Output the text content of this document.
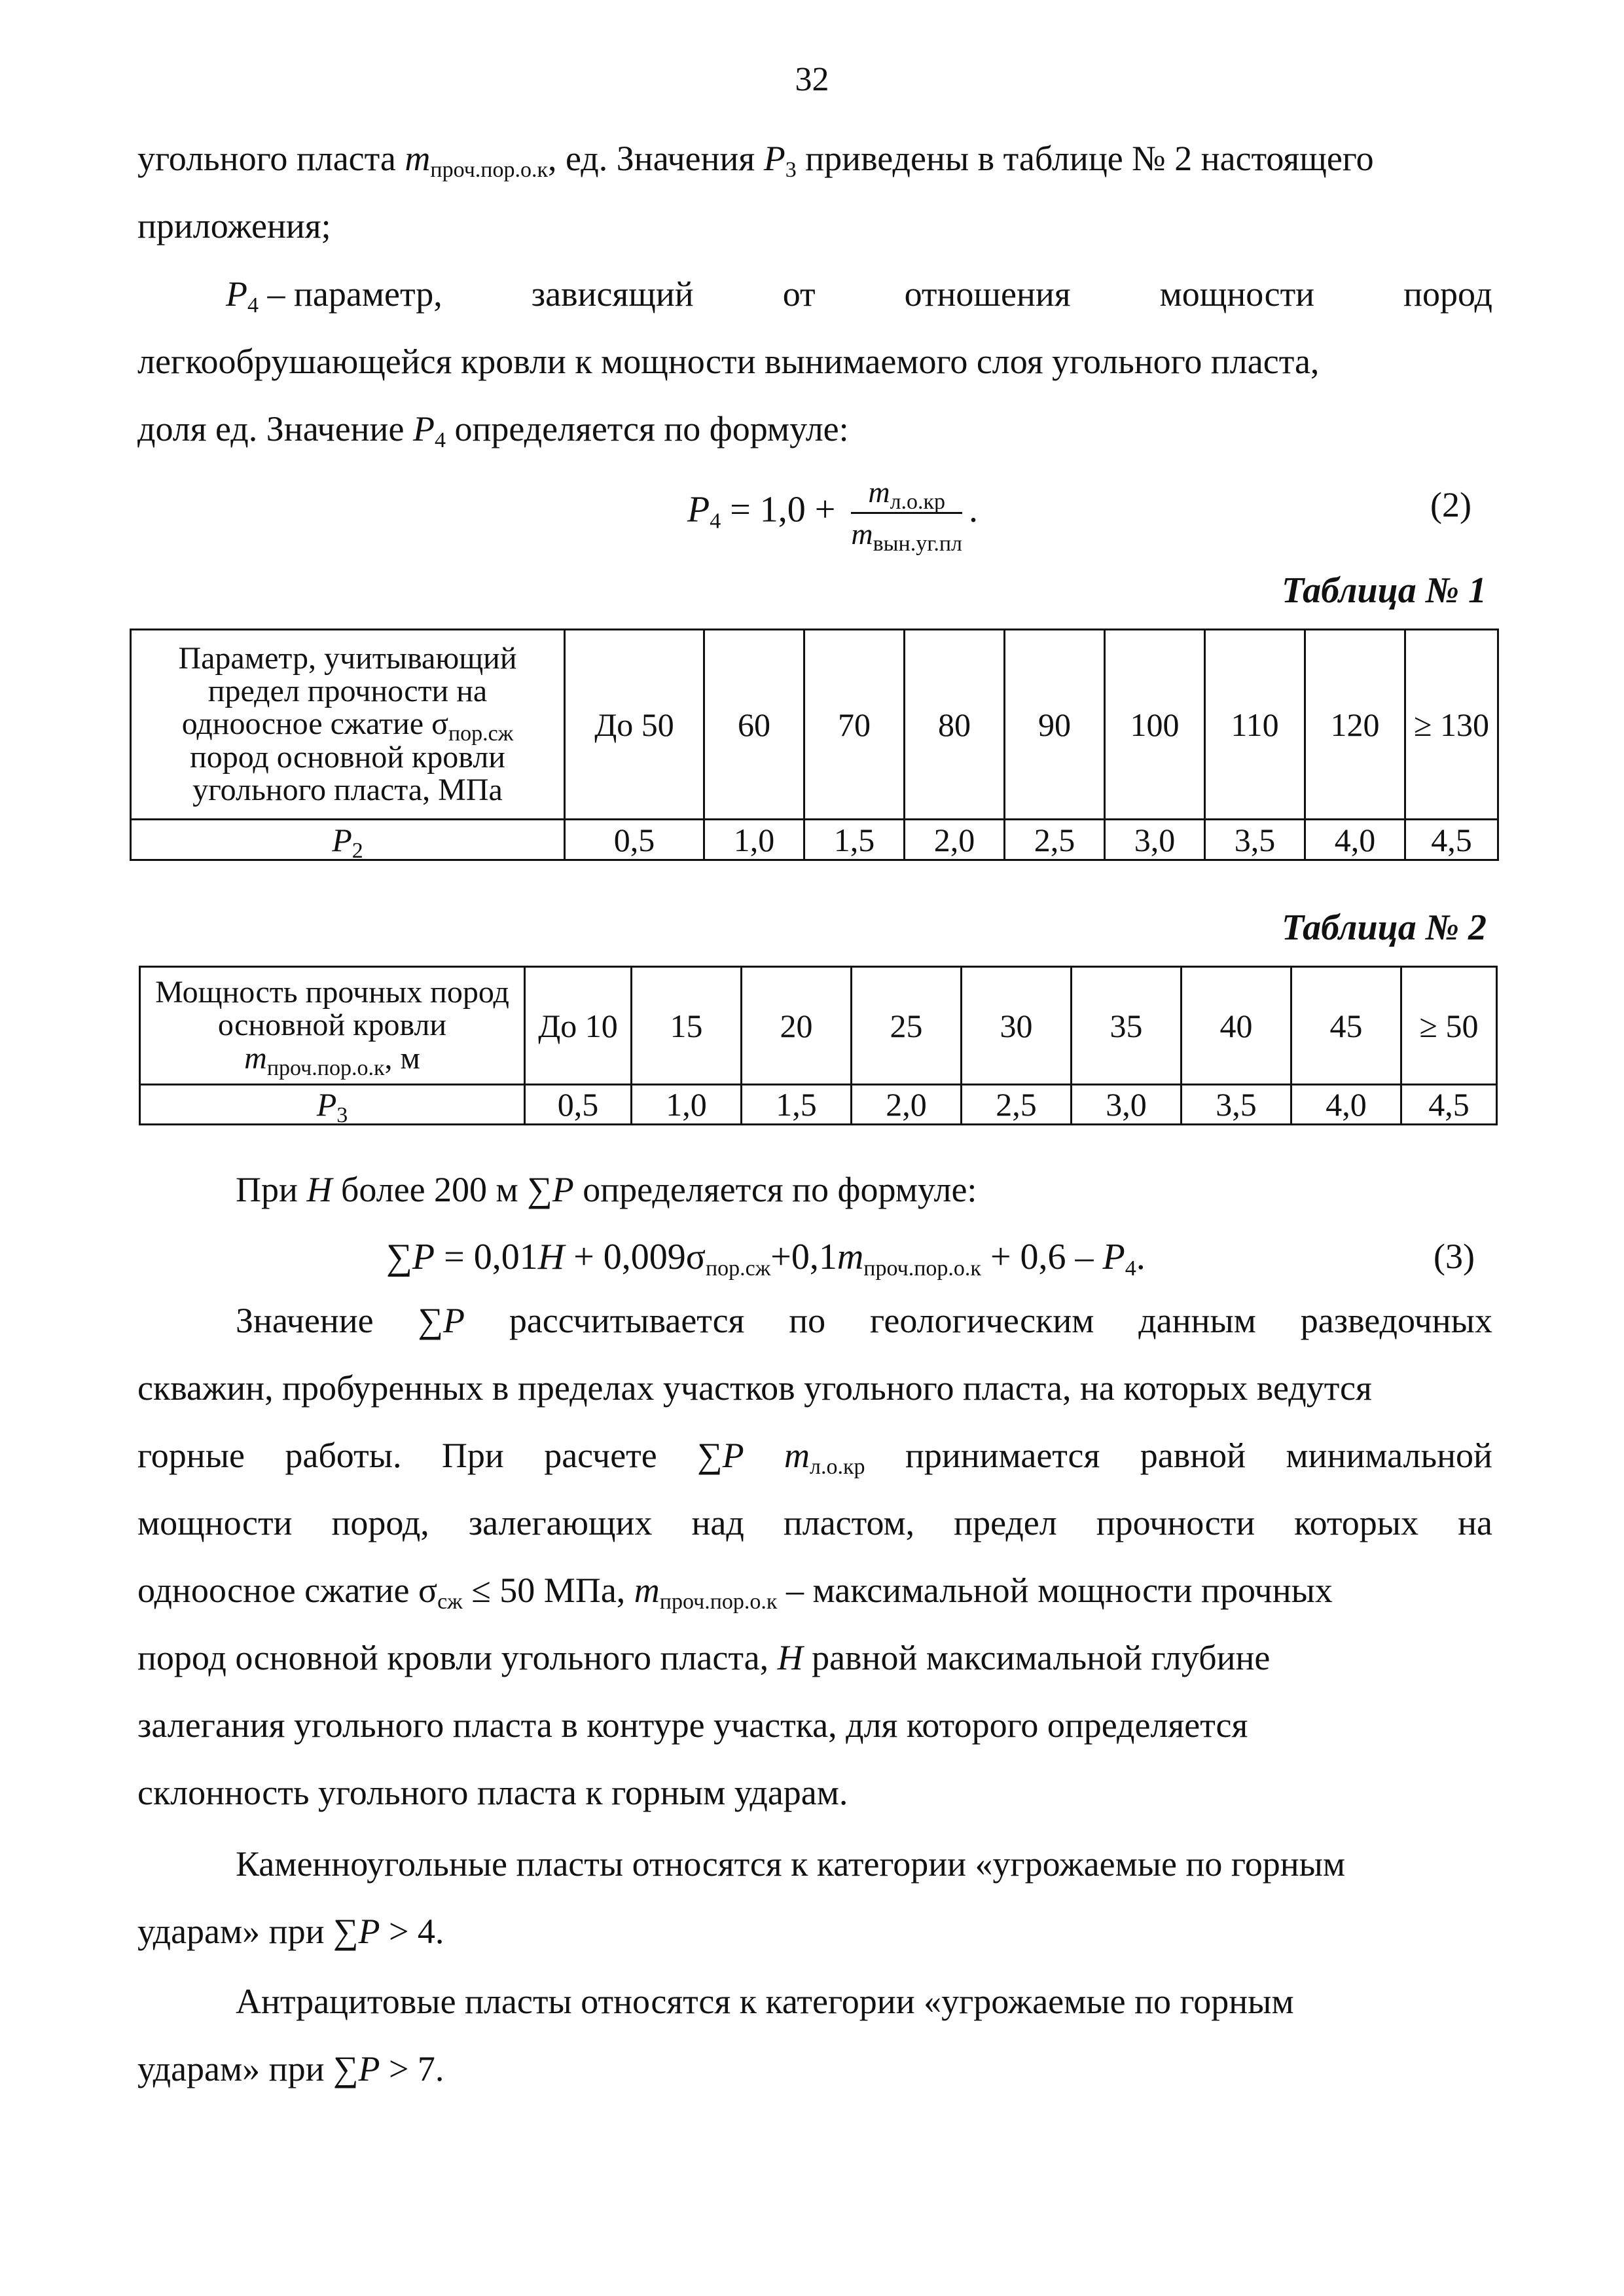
32
угольного пласта $m_{проч.пор.о.к}$, ед. Значения $P_3$ приведены в таблице № 2 настоящего
приложения;
$P_4$ – параметр,	зависящий	от	отношения	мощности	пород
легкообрушающейся кровли к мощности вынимаемого слоя угольного пласта,
доля ед. Значение $P_4$ определяется по формуле:
$P_4 = 1,0 + \frac{m_{л.о.кр}}{m_{вын.уг.пл}}$ .	(2)
Таблица № 1
Параметр, учитывающий
предел прочности на
одноосное сжатие $\sigma_{пор.сж}$
пород основной кровли
угольного пласта, МПа	До 50	60	70	80	90	100	110	120	≥ 130
$P_2$	0,5	1,0	1,5	2,0	2,5	3,0	3,5	4,0	4,5
Таблица № 2
Мощность прочных пород
основной кровли
$m_{проч.пор.о.к}$, м	До 10	15	20	25	30	35	40	45	≥ 50
$P_3$	0,5	1,0	1,5	2,0	2,5	3,0	3,5	4,0	4,5
При H более 200 м ∑P определяется по формуле:
$\sum P = 0,01H + 0,009\sigma_{пор.сж}+0,1m_{проч.пор.о.к} + 0,6 - P_4$.	(3)
Значение ∑P рассчитывается по геологическим данным разведочных
скважин, пробуренных в пределах участков угольного пласта, на которых ведутся
горные работы. При расчете ∑P $m_{л.о.кр}$ принимается равной минимальной
мощности пород, залегающих над пластом, предел прочности которых на
одноосное сжатие $\sigma_{сж} \le 50$ МПа, $m_{проч.пор.о.к}$ – максимальной мощности прочных
пород основной кровли угольного пласта, H равной максимальной глубине
залегания угольного пласта в контуре участка, для которого определяется
склонность угольного пласта к горным ударам.
Каменноугольные пласты относятся к категории «угрожаемые по горным
ударам» при ∑P > 4.
Антрацитовые пласты относятся к категории «угрожаемые по горным
ударам» при ∑P > 7.
